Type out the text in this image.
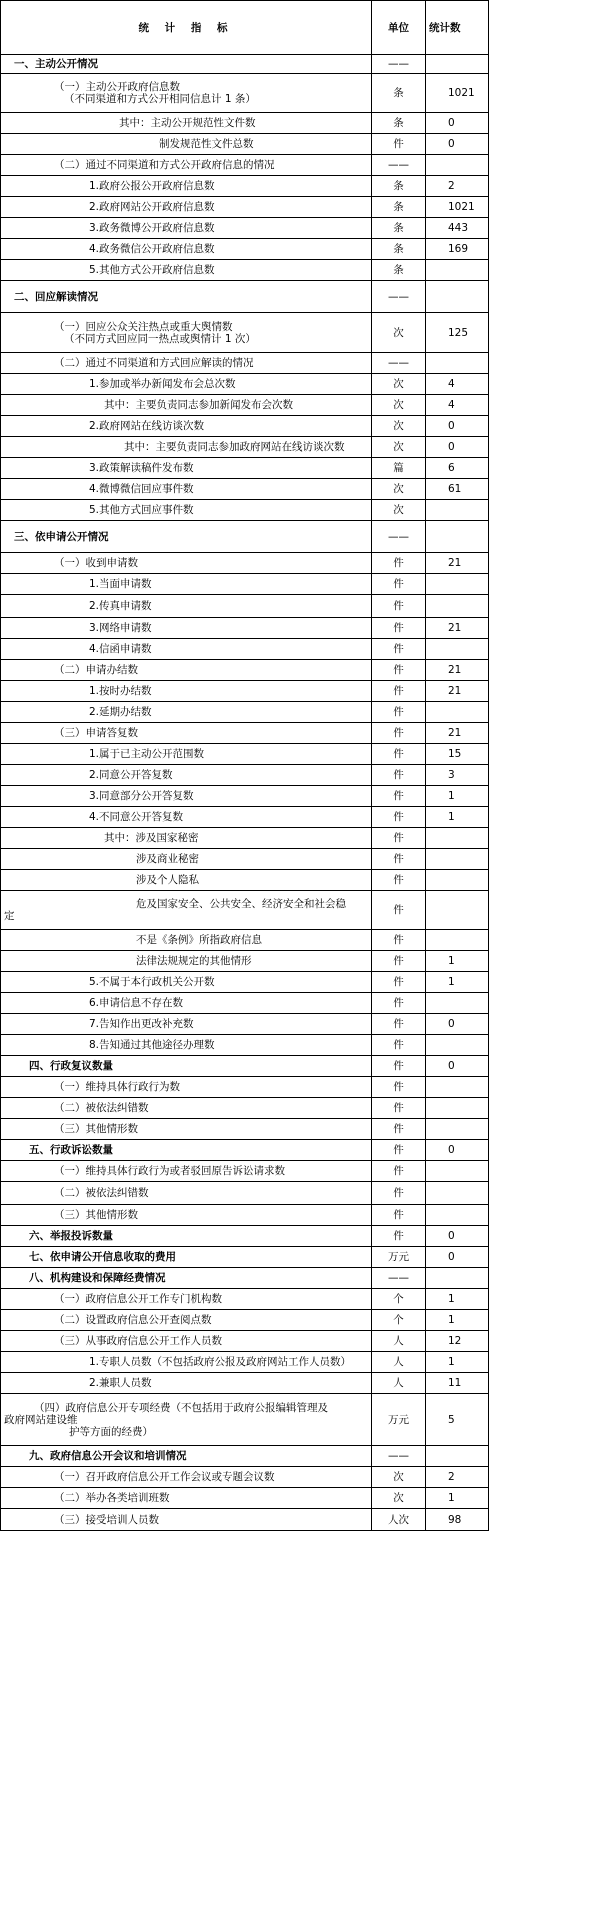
统 计 指 标	单位	统计数

一、主动公开情况	——	

（一）主动公开政府信息数
（不同渠道和方式公开相同信息计 1 条）	条	1021

其中：主动公开规范性文件数	条	0

制发规范性文件总数	件	0

（二）通过不同渠道和方式公开政府信息的情况	——	

1.政府公报公开政府信息数	条	2

2.政府网站公开政府信息数	条	1021

3.政务微博公开政府信息数	条	443

4.政务微信公开政府信息数	条	169

5.其他方式公开政府信息数	条	

二、回应解读情况	——	

（一）回应公众关注热点或重大舆情数
（不同方式回应同一热点或舆情计 1 次）	次	125

（二）通过不同渠道和方式回应解读的情况	——	

1.参加或举办新闻发布会总次数	次	4

其中：主要负责同志参加新闻发布会次数	次	4

2.政府网站在线访谈次数	次	0

其中：主要负责同志参加政府网站在线访谈次数	次	0

3.政策解读稿件发布数	篇	6

4.微博微信回应事件数	次	61

5.其他方式回应事件数	次	

三、依申请公开情况	——	

（一）收到申请数	件	21

1.当面申请数	件	

2.传真申请数	件	

3.网络申请数	件	21

4.信函申请数	件	

（二）申请办结数	件	21

1.按时办结数	件	21

2.延期办结数	件	

（三）申请答复数	件	21

1.属于已主动公开范围数	件	15

2.同意公开答复数	件	3

3.同意部分公开答复数	件	1

4.不同意公开答复数	件	1

其中：涉及国家秘密	件	

涉及商业秘密	件	

涉及个人隐私	件	

危及国家安全、公共安全、经济安全和社会稳
定	件	

不是《条例》所指政府信息	件	

法律法规规定的其他情形	件	1

5.不属于本行政机关公开数	件	1

6.申请信息不存在数	件	

7.告知作出更改补充数	件	0

8.告知通过其他途径办理数	件	

四、行政复议数量	件	0

（一）维持具体行政行为数	件	

（二）被依法纠错数	件	

（三）其他情形数	件	

五、行政诉讼数量	件	0

（一）维持具体行政行为或者驳回原告诉讼请求数	件	

（二）被依法纠错数	件	

（三）其他情形数	件	

六、举报投诉数量	件	0

七、依申请公开信息收取的费用	万元	0

八、机构建设和保障经费情况	——	

（一）政府信息公开工作专门机构数	个	1

（二）设置政府信息公开查阅点数	个	1

（三）从事政府信息公开工作人员数	人	12

1.专职人员数（不包括政府公报及政府网站工作人员数）	人	1

2.兼职人员数	人	11

（四）政府信息公开专项经费（不包括用于政府公报编辑管理及
政府网站建设维
护等方面的经费）	万元	5

九、政府信息公开会议和培训情况	——	

（一）召开政府信息公开工作会议或专题会议数	次	2

（二）举办各类培训班数	次	1

（三）接受培训人员数	人次	98
